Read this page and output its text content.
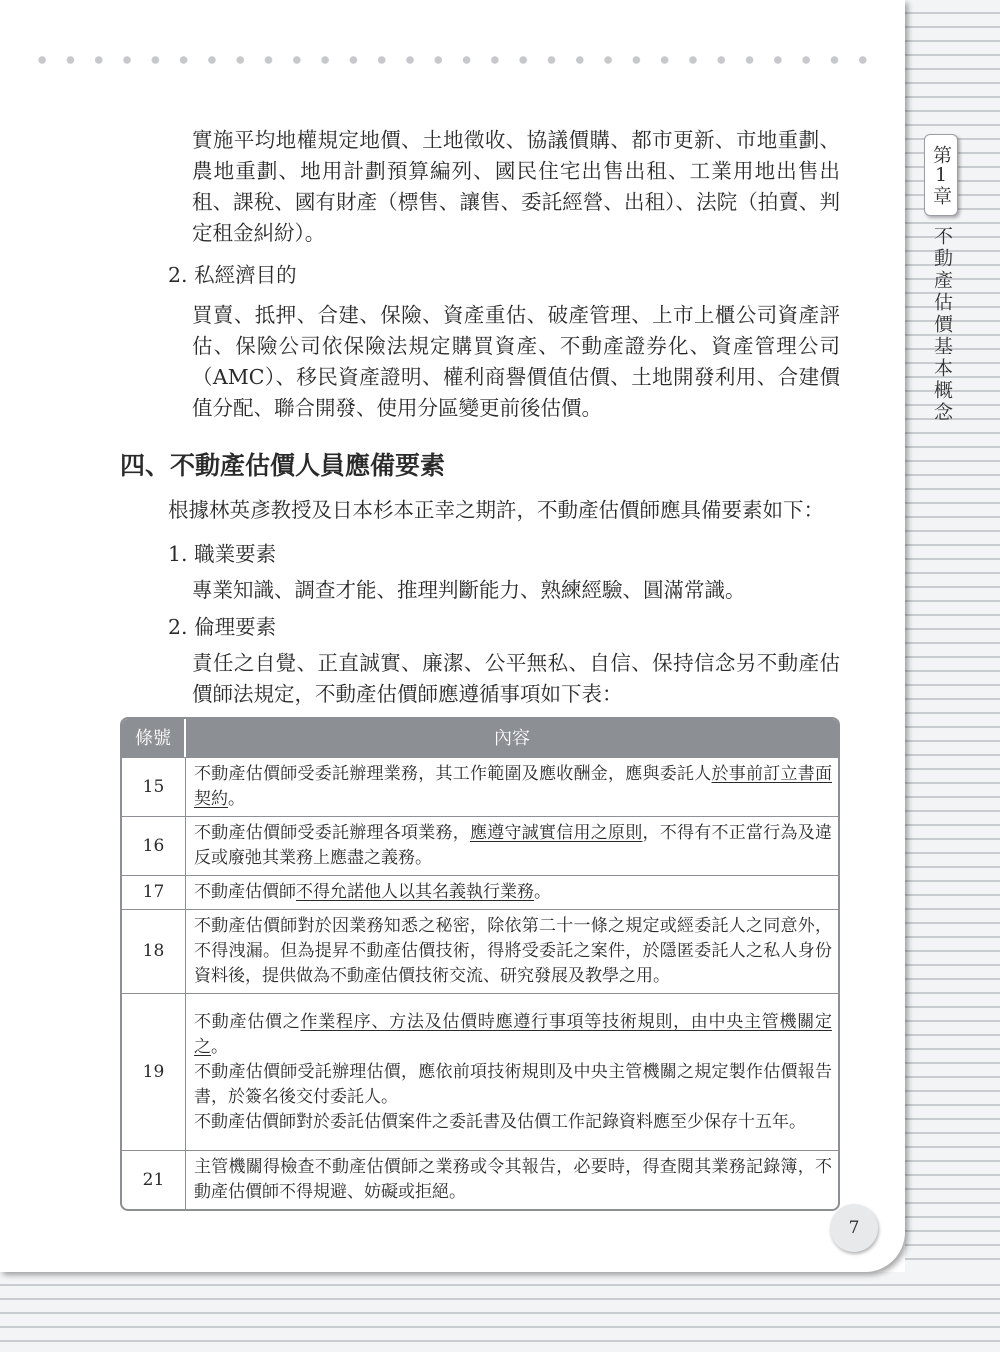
實施平均地權規定地價、土地徵收、協議價購、都市更新、市地重劃、農地重劃、地用計劃預算編列、國民住宅出售出租、工業用地出售出租、課稅、國有財產（標售、讓售、委託經營、出租）、法院（拍賣、判定租金糾紛）。

2. 私經濟目的

買賣、抵押、合建、保險、資產重估、破產管理、上市上櫃公司資產評估、保險公司依保險法規定購買資產、不動產證券化、資產管理公司（AMC）、移民資產證明、權利商譽價值估價、土地開發利用、合建價值分配、聯合開發、使用分區變更前後估價。

四、不動產估價人員應備要素

根據林英彥教授及日本杉本正幸之期許，不動產估價師應具備要素如下：

1. 職業要素

專業知識、調查才能、推理判斷能力、熟練經驗、圓滿常識。

2. 倫理要素

責任之自覺、正直誠實、廉潔、公平無私、自信、保持信念另不動產估價師法規定，不動產估價師應遵循事項如下表：

條號	內容
15	不動產估價師受委託辦理業務，其工作範圍及應收酬金，應與委託人於事前訂立書面契約。
16	不動產估價師受委託辦理各項業務，應遵守誠實信用之原則，不得有不正當行為及違反或廢弛其業務上應盡之義務。
17	不動產估價師不得允諾他人以其名義執行業務。
18	不動產估價師對於因業務知悉之秘密，除依第二十一條之規定或經委託人之同意外，不得洩漏。但為提昇不動產估價技術，得將受委託之案件，於隱匿委託人之私人身份資料後，提供做為不動產估價技術交流、研究發展及教學之用。
19	不動產估價之作業程序、方法及估價時應遵行事項等技術規則，由中央主管機關定之。
不動產估價師受託辦理估價，應依前項技術規則及中央主管機關之規定製作估價報告書，於簽名後交付委託人。
不動產估價師對於委託估價案件之委託書及估價工作記錄資料應至少保存十五年。

21	主管機關得檢查不動產估價師之業務或令其報告，必要時，得查閱其業務記錄簿，不動產估價師不得規避、妨礙或拒絕。
7
第1章
不動產估價基本概念
